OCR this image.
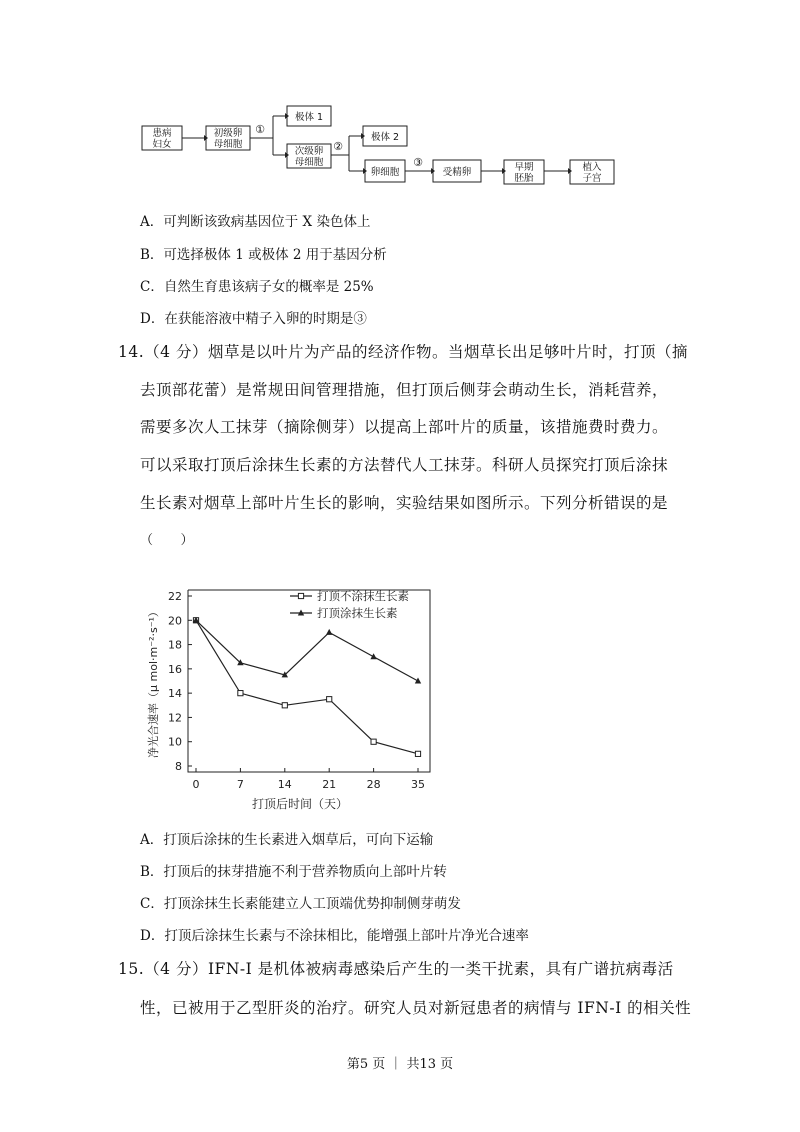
患病妇女
初级卵母细胞
①
极体 1
次级卵母细胞
②
极体 2
卵细胞
③
受精卵	早期胚胎
植入子宫
A．可判断该致病基因位于 X 染色体上
B．可选择极体 1 或极体 2 用于基因分析
C．自然生育患该病子女的概率是 25%
D．在获能溶液中精子入卵的时期是③
14.（4 分）烟草是以叶片为产品的经济作物。当烟草长出足够叶片时，打顶（摘
去顶部花蕾）是常规田间管理措施，但打顶后侧芽会萌动生长，消耗营养，
需要多次人工抹芽（摘除侧芽）以提高上部叶片的质量，该措施费时费力。
可以采取打顶后涂抹生长素的方法替代人工抹芽。科研人员探究打顶后涂抹
生长素对烟草上部叶片生长的影响，实验结果如图所示。下列分析错误的是
（　　）
8
10
12
14
16
18
20
22
0	7	14	21	28	35
打顶不涂抹生长素
打顶涂抹生长素
净光合速率（μ mol·m⁻²·s⁻¹）
打顶后时间（天）
A．打顶后涂抹的生长素进入烟草后，可向下运输
B．打顶后的抹芽措施不利于营养物质向上部叶片转
C．打顶涂抹生长素能建立人工顶端优势抑制侧芽萌发
D．打顶后涂抹生长素与不涂抹相比，能增强上部叶片净光合速率
15.（4 分）IFN-I 是机体被病毒感染后产生的一类干扰素，具有广谱抗病毒活
性，已被用于乙型肝炎的治疗。研究人员对新冠患者的病情与 IFN-I 的相关性
第5 页 ｜ 共13 页
